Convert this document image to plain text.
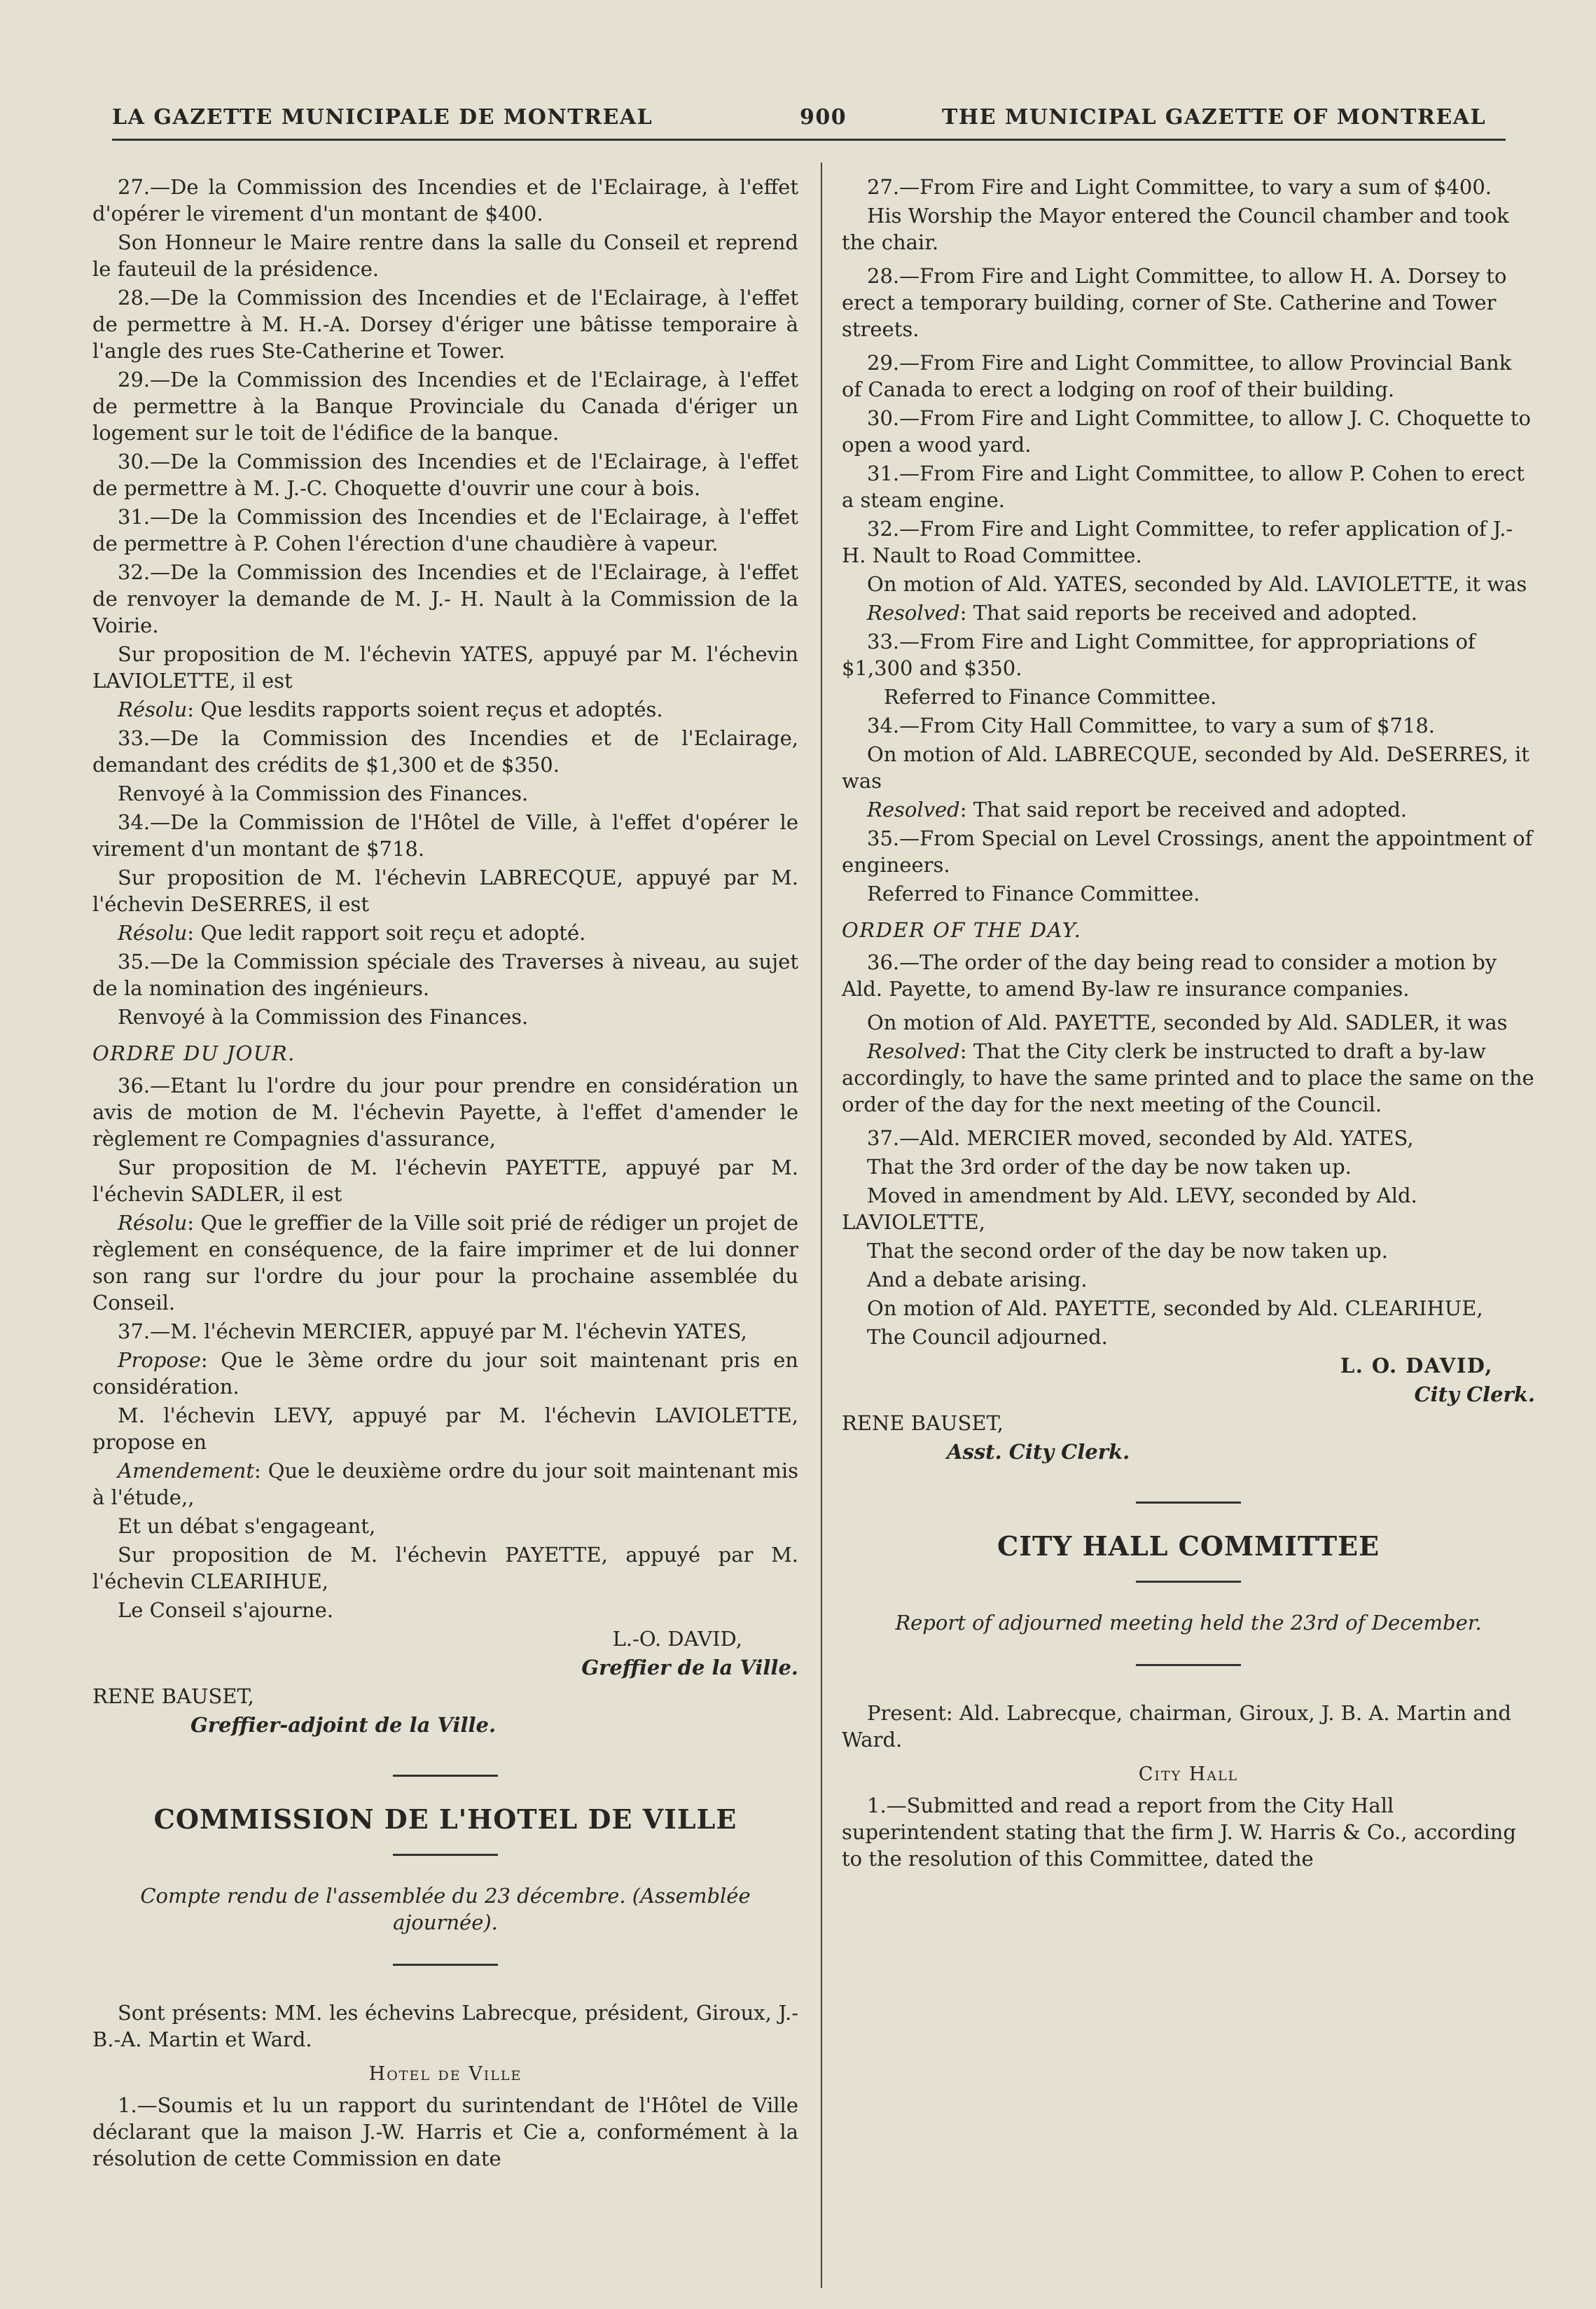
LA GAZETTE MUNICIPALE DE MONTREAL	900	THE MUNICIPAL GAZETTE OF MONTREAL

27.—De la Commission des Incendies et de l'Eclairage, à l'effet d'opérer le virement d'un montant de $400.

Son Honneur le Maire rentre dans la salle du Conseil et reprend le fauteuil de la présidence.

28.—De la Commission des Incendies et de l'Eclairage, à l'effet de permettre à M. H.-A. Dorsey d'ériger une bâtisse temporaire à l'angle des rues Ste-Catherine et Tower.

29.—De la Commission des Incendies et de l'Eclairage, à l'effet de permettre à la Banque Provinciale du Canada d'ériger un logement sur le toit de l'édifice de la banque.

30.—De la Commission des Incendies et de l'Eclairage, à l'effet de permettre à M. J.-C. Choquette d'ouvrir une cour à bois.

31.—De la Commission des Incendies et de l'Eclairage, à l'effet de permettre à P. Cohen l'érection d'une chaudière à vapeur.

32.—De la Commission des Incendies et de l'Eclairage, à l'effet de renvoyer la demande de M. J.- H. Nault à la Commission de la Voirie.

Sur proposition de M. l'échevin YATES, appuyé par M. l'échevin LAVIOLETTE, il est

Résolu: Que lesdits rapports soient reçus et adoptés.

33.—De la Commission des Incendies et de l'Eclairage, demandant des crédits de $1,300 et de $350.

Renvoyé à la Commission des Finances.

34.—De la Commission de l'Hôtel de Ville, à l'effet d'opérer le virement d'un montant de $718.

Sur proposition de M. l'échevin LABRECQUE, appuyé par M. l'échevin DeSERRES, il est

Résolu: Que ledit rapport soit reçu et adopté.

35.—De la Commission spéciale des Traverses à niveau, au sujet de la nomination des ingénieurs.

Renvoyé à la Commission des Finances.

ORDRE DU JOUR.

36.—Etant lu l'ordre du jour pour prendre en considération un avis de motion de M. l'échevin Payette, à l'effet d'amender le règlement re Compagnies d'assurance,

Sur proposition de M. l'échevin PAYETTE, appuyé par M. l'échevin SADLER, il est

Résolu: Que le greffier de la Ville soit prié de rédiger un projet de règlement en conséquence, de la faire imprimer et de lui donner son rang sur l'ordre du jour pour la prochaine assemblée du Conseil.

37.—M. l'échevin MERCIER, appuyé par M. l'échevin YATES,

Propose: Que le 3ème ordre du jour soit maintenant pris en considération.

M. l'échevin LEVY, appuyé par M. l'échevin LAVIOLETTE, propose en

Amendement: Que le deuxième ordre du jour soit maintenant mis à l'étude,,

Et un débat s'engageant,

Sur proposition de M. l'échevin PAYETTE, appuyé par M. l'échevin CLEARIHUE,

Le Conseil s'ajourne.

L.-O. DAVID,

Greffier de la Ville.

RENE BAUSET,

Greffier-adjoint de la Ville.

COMMISSION DE L'HOTEL DE VILLE

Compte rendu de l'assemblée du 23 décembre. (Assemblée ajournée).

Sont présents: MM. les échevins Labrecque, président, Giroux, J.-B.-A. Martin et Ward.

Hotel de Ville

1.—Soumis et lu un rapport du surintendant de l'Hôtel de Ville déclarant que la maison J.-W. Harris et Cie a, conformément à la résolution de cette Commission en date

27.—From Fire and Light Committee, to vary a sum of $400.

His Worship the Mayor entered the Council chamber and took the chair.

28.—From Fire and Light Committee, to allow H. A. Dorsey to erect a temporary building, corner of Ste. Catherine and Tower streets.

29.—From Fire and Light Committee, to allow Provincial Bank of Canada to erect a lodging on roof of their building.

30.—From Fire and Light Committee, to allow J. C. Choquette to open a wood yard.

31.—From Fire and Light Committee, to allow P. Cohen to erect a steam engine.

32.—From Fire and Light Committee, to refer application of J.-H. Nault to Road Committee.

On motion of Ald. YATES, seconded by Ald. LAVIOLETTE, it was

Resolved: That said reports be received and adopted.

33.—From Fire and Light Committee, for appropriations of $1,300 and $350.

Referred to Finance Committee.

34.—From City Hall Committee, to vary a sum of $718.

On motion of Ald. LABRECQUE, seconded by Ald. DeSERRES, it was

Resolved: That said report be received and adopted.

35.—From Special on Level Crossings, anent the appointment of engineers.

Referred to Finance Committee.

ORDER OF THE DAY.

36.—The order of the day being read to consider a motion by Ald. Payette, to amend By-law re insurance companies.

On motion of Ald. PAYETTE, seconded by Ald. SADLER, it was

Resolved: That the City clerk be instructed to draft a by-law accordingly, to have the same printed and to place the same on the order of the day for the next meeting of the Council.

37.—Ald. MERCIER moved, seconded by Ald. YATES,

That the 3rd order of the day be now taken up.

Moved in amendment by Ald. LEVY, seconded by Ald. LAVIOLETTE,

That the second order of the day be now taken up.

And a debate arising.

On motion of Ald. PAYETTE, seconded by Ald. CLEARIHUE,

The Council adjourned.

L. O. DAVID,

City Clerk.

RENE BAUSET,

Asst. City Clerk.

CITY HALL COMMITTEE

Report of adjourned meeting held the 23rd of December.

Present: Ald. Labrecque, chairman, Giroux, J. B. A. Martin and Ward.

City Hall

1.—Submitted and read a report from the City Hall superintendent stating that the firm J. W. Harris & Co., according to the resolution of this Committee, dated the
